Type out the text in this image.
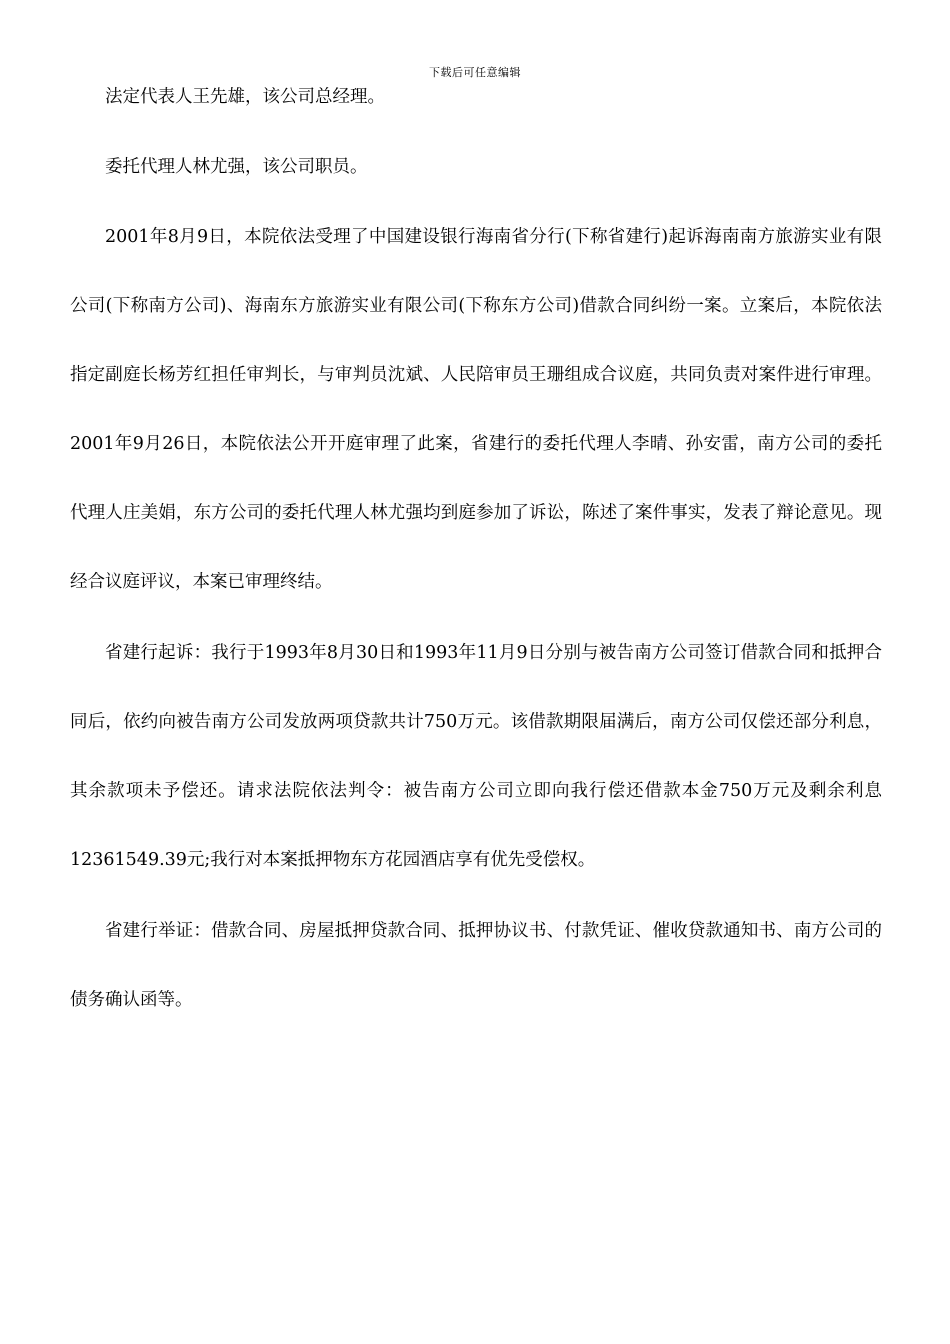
下载后可任意编辑

法定代表人王先雄，该公司总经理。

委托代理人林尤强，该公司职员。

2001年8月9日，本院依法受理了中国建设银行海南省分行(下称省建行)起诉海南南方旅游实业有限公司(下称南方公司)、海南东方旅游实业有限公司(下称东方公司)借款合同纠纷一案。立案后，本院依法指定副庭长杨芳红担任审判长，与审判员沈斌、人民陪审员王珊组成合议庭，共同负责对案件进行审理。2001年9月26日，本院依法公开开庭审理了此案，省建行的委托代理人李晴、孙安雷，南方公司的委托代理人庄美娟，东方公司的委托代理人林尤强均到庭参加了诉讼，陈述了案件事实，发表了辩论意见。现经合议庭评议，本案已审理终结。

省建行起诉：我行于1993年8月30日和1993年11月9日分别与被告南方公司签订借款合同和抵押合同后，依约向被告南方公司发放两项贷款共计750万元。该借款期限届满后，南方公司仅偿还部分利息，其余款项未予偿还。请求法院依法判令：被告南方公司立即向我行偿还借款本金750万元及剩余利息12361549.39元;我行对本案抵押物东方花园酒店享有优先受偿权。

省建行举证：借款合同、房屋抵押贷款合同、抵押协议书、付款凭证、催收贷款通知书、南方公司的债务确认函等。
